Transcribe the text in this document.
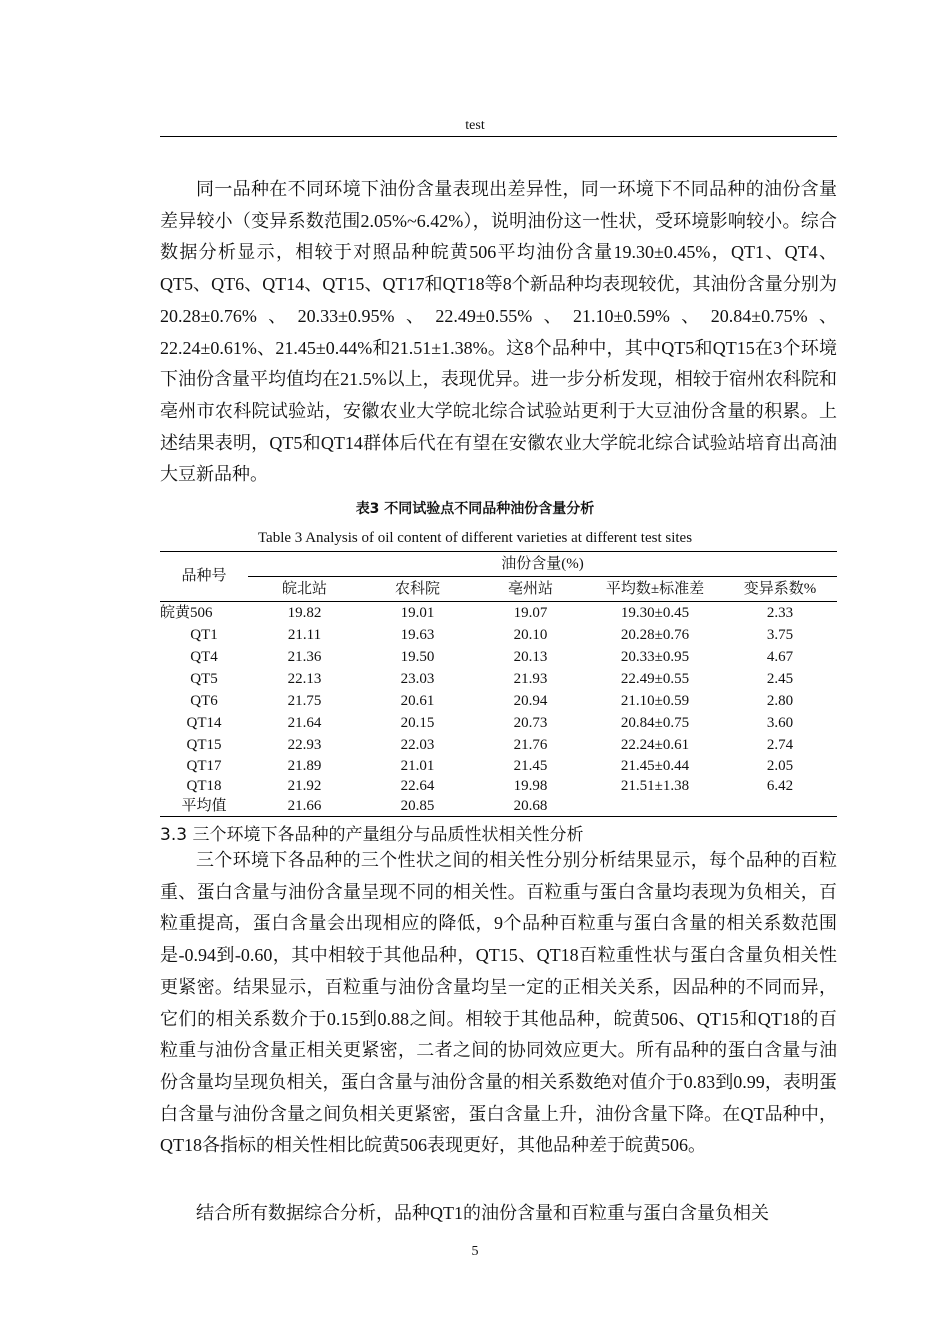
test

同一品种在不同环境下油份含量表现出差异性，同一环境下不同品种的油份含量差异较小（变异系数范围2.05%~6.42%），说明油份这一性状，受环境影响较小。综合数据分析显示，相较于对照品种皖黄506平均油份含量19.30±0.45%，QT1、QT4、QT5、QT6、QT14、QT15、QT17和QT18等8个新品种均表现较优，其油份含量分别为20.28±0.76%、20.33±0.95%、22.49±0.55%、21.10±0.59%、20.84±0.75%、22.24±0.61%、21.45±0.44%和21.51±1.38%。这8个品种中，其中QT5和QT15在3个环境下油份含量平均值均在21.5%以上，表现优异。进一步分析发现，相较于宿州农科院和亳州市农科院试验站，安徽农业大学皖北综合试验站更利于大豆油份含量的积累。上述结果表明，QT5和QT14群体后代在有望在安徽农业大学皖北综合试验站培育出高油大豆新品种。

表3 不同试验点不同品种油份含量分析
Table 3 Analysis of oil content of different varieties at different test sites
品种号	油份含量(%)				
	皖北站	农科院	亳州站	平均数±标准差	变异系数%
皖黄506	19.82	19.01	19.07	19.30±0.45	2.33
QT1	21.11	19.63	20.10	20.28±0.76	3.75
QT4	21.36	19.50	20.13	20.33±0.95	4.67
QT5	22.13	23.03	21.93	22.49±0.55	2.45
QT6	21.75	20.61	20.94	21.10±0.59	2.80
QT14	21.64	20.15	20.73	20.84±0.75	3.60
QT15	22.93	22.03	21.76	22.24±0.61	2.74
QT17	21.89	21.01	21.45	21.45±0.44	2.05
QT18	21.92	22.64	19.98	21.51±1.38	6.42
平均值	21.66	20.85	20.68		
3.3 三个环境下各品种的产量组分与品质性状相关性分析

三个环境下各品种的三个性状之间的相关性分别分析结果显示，每个品种的百粒重、蛋白含量与油份含量呈现不同的相关性。百粒重与蛋白含量均表现为负相关，百粒重提高，蛋白含量会出现相应的降低，9个品种百粒重与蛋白含量的相关系数范围是-0.94到-0.60，其中相较于其他品种，QT15、QT18百粒重性状与蛋白含量负相关性更紧密。结果显示，百粒重与油份含量均呈一定的正相关关系，因品种的不同而异，它们的相关系数介于0.15到0.88之间。相较于其他品种，皖黄506、QT15和QT18的百粒重与油份含量正相关更紧密，二者之间的协同效应更大。所有品种的蛋白含量与油份含量均呈现负相关，蛋白含量与油份含量的相关系数绝对值介于0.83到0.99，表明蛋白含量与油份含量之间负相关更紧密，蛋白含量上升，油份含量下降。在QT品种中，QT18各指标的相关性相比皖黄506表现更好，其他品种差于皖黄506。

结合所有数据综合分析，品种QT1的油份含量和百粒重与蛋白含量负相关

5
